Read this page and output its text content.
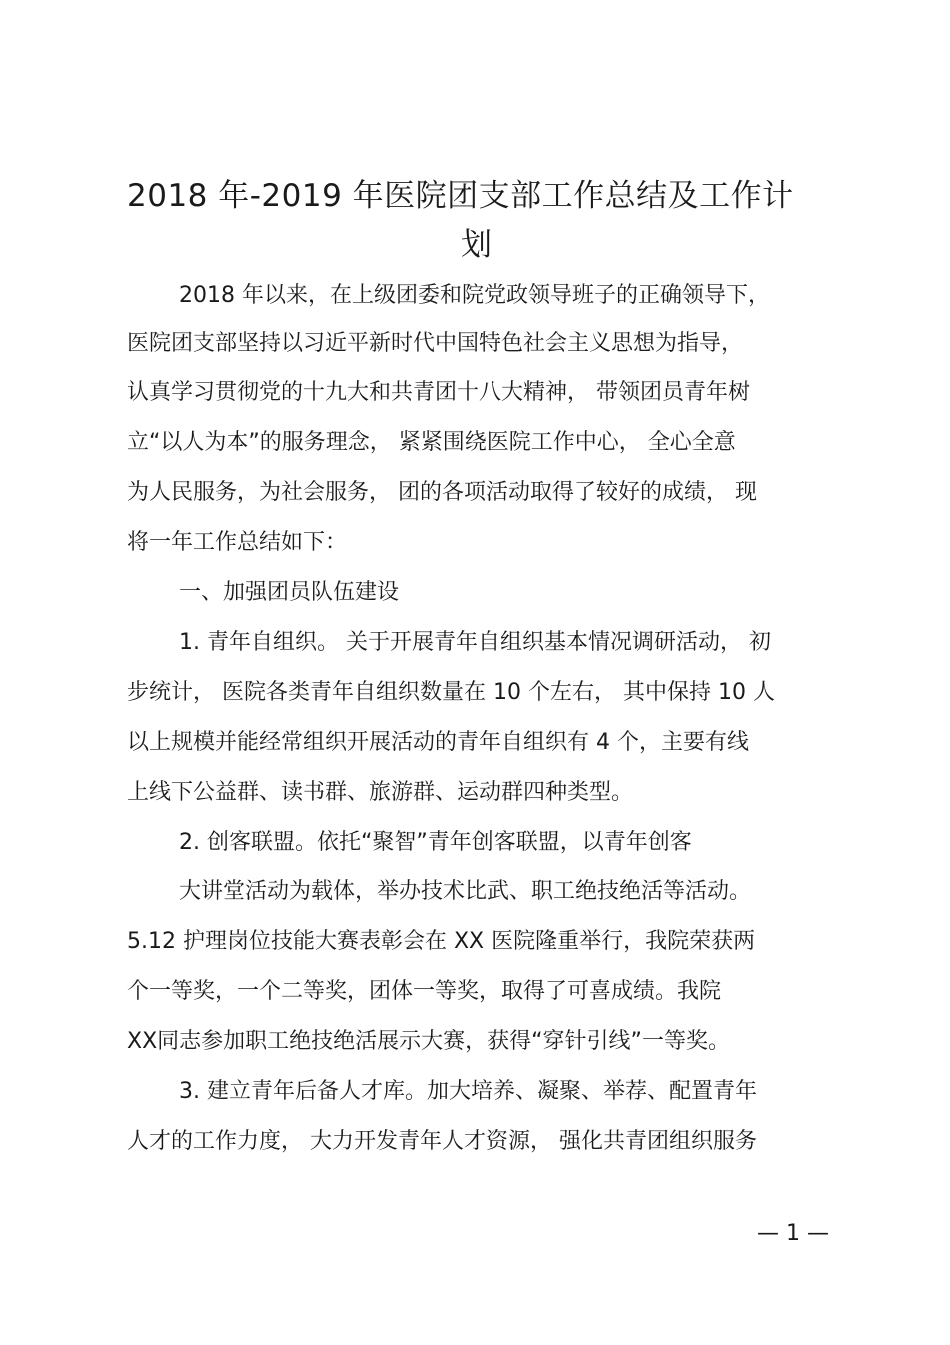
2018 年-2019 年医院团支部工作总结及工作计
划
2018 年以来，在上级团委和院党政领导班子的正确领导下，
医院团支部坚持以习近平新时代中国特色社会主义思想为指导，
认真学习贯彻党的十九大和共青团十八大精神， 带领团员青年树
立“以人为本”的服务理念， 紧紧围绕医院工作中心， 全心全意
为人民服务，为社会服务， 团的各项活动取得了较好的成绩， 现
将一年工作总结如下：
一、加强团员队伍建设
1. 青年自组织。 关于开展青年自组织基本情况调研活动， 初
步统计， 医院各类青年自组织数量在 10 个左右， 其中保持 10 人
以上规模并能经常组织开展活动的青年自组织有 4 个，主要有线
上线下公益群、读书群、旅游群、运动群四种类型。
2. 创客联盟。依托“聚智”青年创客联盟，以青年创客
大讲堂活动为载体，举办技术比武、职工绝技绝活等活动。
5.12 护理岗位技能大赛表彰会在 XX 医院隆重举行，我院荣获两
个一等奖，一个二等奖，团体一等奖，取得了可喜成绩。我院
XX同志参加职工绝技绝活展示大赛，获得“穿针引线”一等奖。
3. 建立青年后备人才库。加大培养、凝聚、举荐、配置青年
人才的工作力度， 大力开发青年人才资源， 强化共青团组织服务
— 1 —
